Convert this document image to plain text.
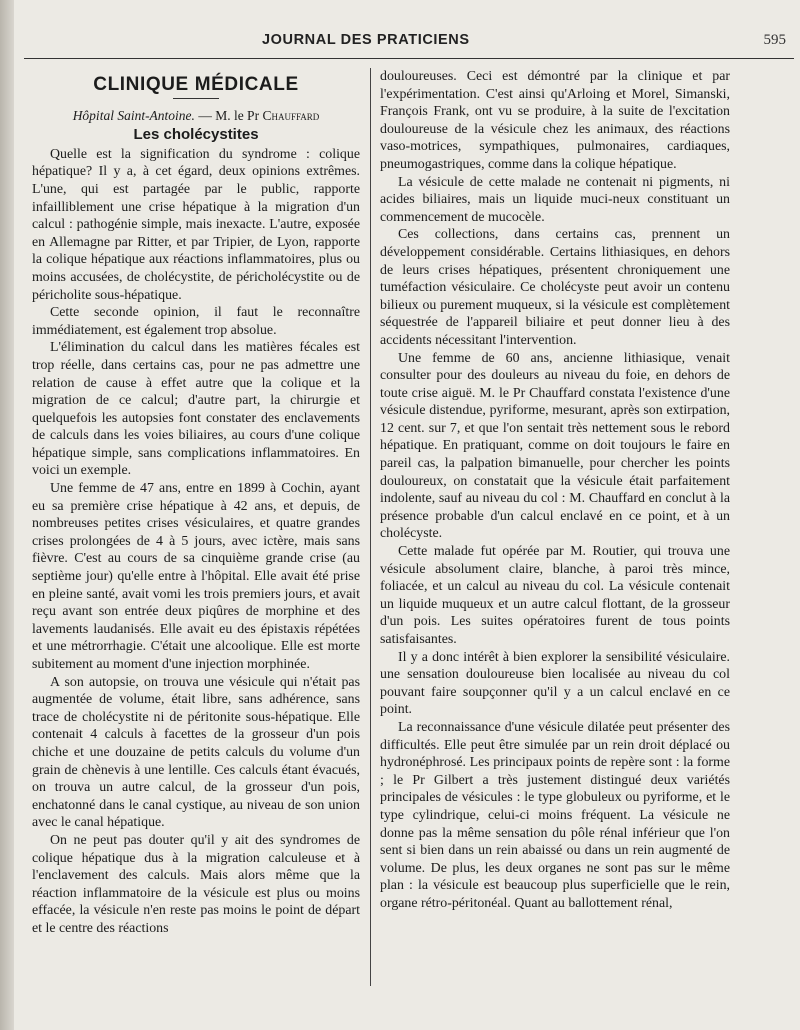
JOURNAL DES PRATICIENS	595
CLINIQUE MÉDICALE
Hôpital Saint-Antoine. — M. le Pr Chauffard
Les cholécystites

Quelle est la signification du syndrome : colique hépatique? Il y a, à cet égard, deux opinions extrêmes. L'une, qui est partagée par le public, rapporte infailliblement une crise hépatique à la migration d'un calcul : pathogénie simple, mais inexacte. L'autre, exposée en Allemagne par Ritter, et par Tripier, de Lyon, rapporte la colique hépatique aux réactions inflammatoires, plus ou moins accusées, de cholécystite, de péricholécystite ou de péricholite sous-hépatique.

Cette seconde opinion, il faut le reconnaître immédiatement, est également trop absolue.

L'élimination du calcul dans les matières fécales est trop réelle, dans certains cas, pour ne pas admettre une relation de cause à effet autre que la colique et la migration de ce calcul; d'autre part, la chirurgie et quelquefois les autopsies font constater des enclavements de calculs dans les voies biliaires, au cours d'une colique hépatique simple, sans complications inflammatoires. En voici un exemple.

Une femme de 47 ans, entre en 1899 à Cochin, ayant eu sa première crise hépatique à 42 ans, et depuis, de nombreuses petites crises vésiculaires, et quatre grandes crises prolongées de 4 à 5 jours, avec ictère, mais sans fièvre. C'est au cours de sa cinquième grande crise (au septième jour) qu'elle entre à l'hôpital. Elle avait été prise en pleine santé, avait vomi les trois premiers jours, et avait reçu avant son entrée deux piqûres de morphine et des lavements laudanisés. Elle avait eu des épistaxis répétées et une métrorrhagie. C'était une alcoolique. Elle est morte subitement au moment d'une injection morphinée.

A son autopsie, on trouva une vésicule qui n'était pas augmentée de volume, était libre, sans adhérence, sans trace de cholécystite ni de péritonite sous-hépatique. Elle contenait 4 calculs à facettes de la grosseur d'un pois chiche et une douzaine de petits calculs du volume d'un grain de chènevis à une lentille. Ces calculs étant évacués, on trouva un autre calcul, de la grosseur d'un pois, enchatonné dans le canal cystique, au niveau de son union avec le canal hépatique.

On ne peut pas douter qu'il y ait des syndromes de colique hépatique dus à la migration calculeuse et à l'enclavement des calculs. Mais alors même que la réaction inflammatoire de la vésicule est plus ou moins effacée, la vésicule n'en reste pas moins le point de départ et le centre des réactions

douloureuses. Ceci est démontré par la clinique et par l'expérimentation. C'est ainsi qu'Arloing et Morel, Simanski, François Frank, ont vu se produire, à la suite de l'excitation douloureuse de la vésicule chez les animaux, des réactions vaso-motrices, sympathiques, pulmonaires, cardiaques, pneumogastriques, comme dans la colique hépatique.

La vésicule de cette malade ne contenait ni pigments, ni acides biliaires, mais un liquide muci-neux constituant un commencement de mucocèle.

Ces collections, dans certains cas, prennent un développement considérable. Certains lithiasiques, en dehors de leurs crises hépatiques, présentent chroniquement une tuméfaction vésiculaire. Ce cholécyste peut avoir un contenu bilieux ou purement muqueux, si la vésicule est complètement séquestrée de l'appareil biliaire et peut donner lieu à des accidents nécessitant l'intervention.

Une femme de 60 ans, ancienne lithiasique, venait consulter pour des douleurs au niveau du foie, en dehors de toute crise aiguë. M. le Pr Chauffard constata l'existence d'une vésicule distendue, pyriforme, mesurant, après son extirpation, 12 cent. sur 7, et que l'on sentait très nettement sous le rebord hépatique. En pratiquant, comme on doit toujours le faire en pareil cas, la palpation bimanuelle, pour chercher les points douloureux, on constatait que la vésicule était parfaitement indolente, sauf au niveau du col : M. Chauffard en conclut à la présence probable d'un calcul enclavé en ce point, et à un cholécyste.

Cette malade fut opérée par M. Routier, qui trouva une vésicule absolument claire, blanche, à paroi très mince, foliacée, et un calcul au niveau du col. La vésicule contenait un liquide muqueux et un autre calcul flottant, de la grosseur d'un pois. Les suites opératoires furent de tous points satisfaisantes.

Il y a donc intérêt à bien explorer la sensibilité vésiculaire. une sensation douloureuse bien localisée au niveau du col pouvant faire soupçonner qu'il y a un calcul enclavé en ce point.

La reconnaissance d'une vésicule dilatée peut présenter des difficultés. Elle peut être simulée par un rein droit déplacé ou hydronéphrosé. Les principaux points de repère sont : la forme ; le Pr Gilbert a très justement distingué deux variétés principales de vésicules : le type globuleux ou pyriforme, et le type cylindrique, celui-ci moins fréquent. La vésicule ne donne pas la même sensation du pôle rénal inférieur que l'on sent si bien dans un rein abaissé ou dans un rein augmenté de volume. De plus, les deux organes ne sont pas sur le même plan : la vésicule est beaucoup plus superficielle que le rein, organe rétro-péritonéal. Quant au ballottement rénal,
